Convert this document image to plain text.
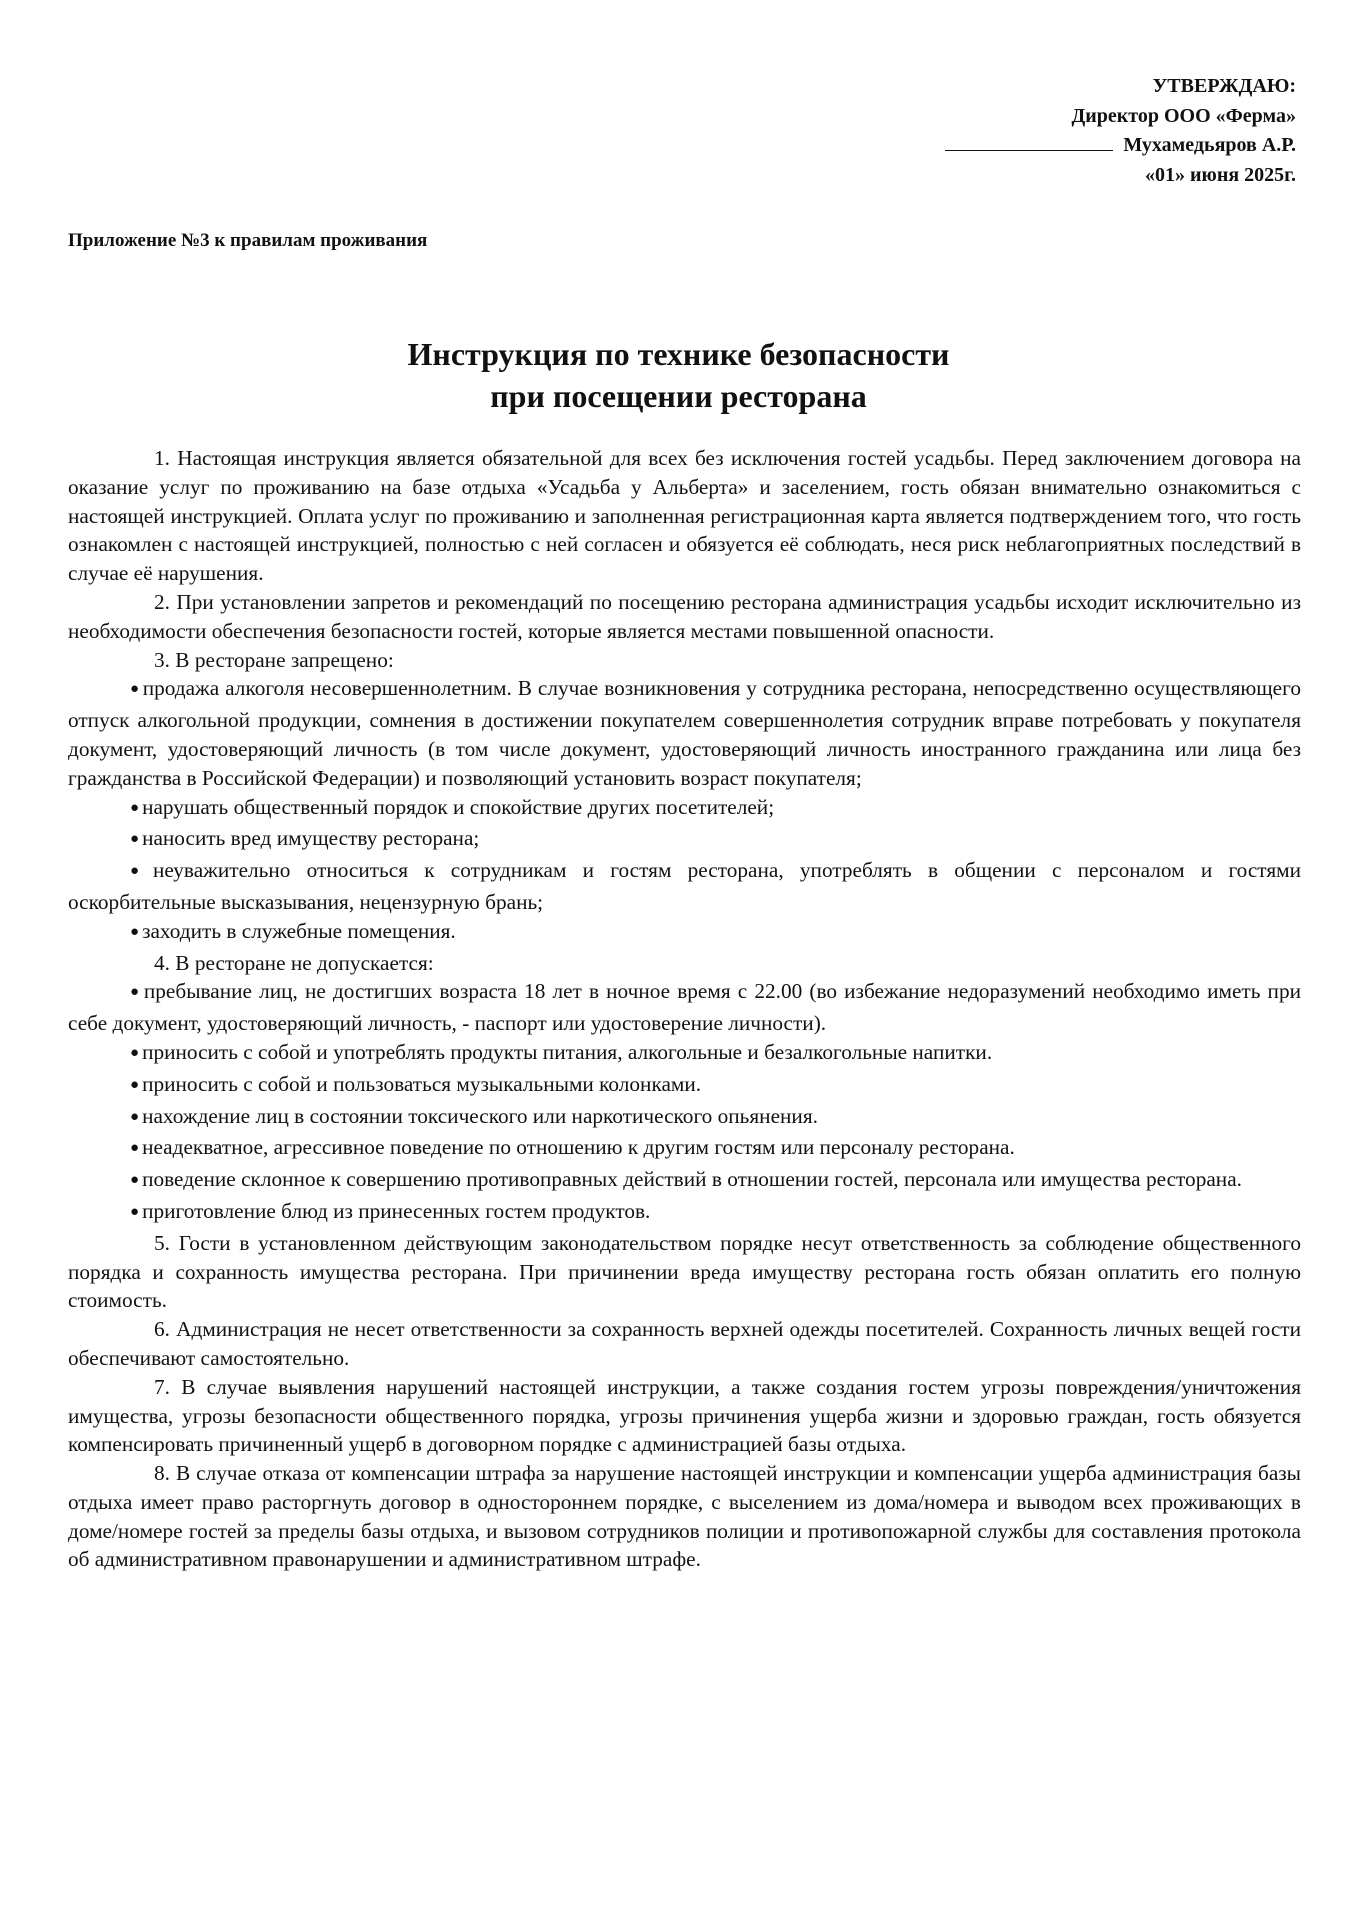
УТВЕРЖДАЮ:
Директор ООО «Ферма»
Мухамедьяров А.Р.
«01» июня 2025г.
Приложение №3 к правилам проживания
Инструкция по технике безопасности
при посещении ресторана

1. Настоящая инструкция является обязательной для всех без исключения гостей усадьбы. Перед заключением договора на оказание услуг по проживанию на базе отдыха «Усадьба у Альберта» и заселением, гость обязан внимательно ознакомиться с настоящей инструкцией. Оплата услуг по проживанию и заполненная регистрационная карта является подтверждением того, что гость ознакомлен с настоящей инструкцией, полностью с ней согласен и обязуется её соблюдать, неся риск неблагоприятных последствий в случае её нарушения.

2. При установлении запретов и рекомендаций по посещению ресторана администрация усадьбы исходит исключительно из необходимости обеспечения безопасности гостей, которые является местами повышенной опасности.

3. В ресторане запрещено:

● продажа алкоголя несовершеннолетним. В случае возникновения у сотрудника ресторана, непосредственно осуществляющего отпуск алкогольной продукции, сомнения в достижении покупателем совершеннолетия сотрудник вправе потребовать у покупателя документ, удостоверяющий личность (в том числе документ, удостоверяющий личность иностранного гражданина или лица без гражданства в Российской Федерации) и позволяющий установить возраст покупателя;

● нарушать общественный порядок и спокойствие других посетителей;

● наносить вред имуществу ресторана;

● неуважительно относиться к сотрудникам и гостям ресторана, употреблять в общении с персоналом и гостями оскорбительные высказывания, нецензурную брань;

● заходить в служебные помещения.

4. В ресторане не допускается:

● пребывание лиц, не достигших возраста 18 лет в ночное время с 22.00 (во избежание недоразумений необходимо иметь при себе документ, удостоверяющий личность, - паспорт или удостоверение личности).

● приносить с собой и употреблять продукты питания, алкогольные и безалкогольные напитки.

● приносить с собой и пользоваться музыкальными колонками.

● нахождение лиц в состоянии токсического или наркотического опьянения.

● неадекватное, агрессивное поведение по отношению к другим гостям или персоналу ресторана.

● поведение склонное к совершению противоправных действий в отношении гостей, персонала или имущества ресторана.

● приготовление блюд из принесенных гостем продуктов.

5. Гости в установленном действующим законодательством порядке несут ответственность за соблюдение общественного порядка и сохранность имущества ресторана. При причинении вреда имуществу ресторана гость обязан оплатить его полную стоимость.

6. Администрация не несет ответственности за сохранность верхней одежды посетителей. Сохранность личных вещей гости обеспечивают самостоятельно.

7. В случае выявления нарушений настоящей инструкции, а также создания гостем угрозы повреждения/уничтожения имущества, угрозы безопасности общественного порядка, угрозы причинения ущерба жизни и здоровью граждан, гость обязуется компенсировать причиненный ущерб в договорном порядке с администрацией базы отдыха.

8. В случае отказа от компенсации штрафа за нарушение настоящей инструкции и компенсации ущерба администрация базы отдыха имеет право расторгнуть договор в одностороннем порядке, с выселением из дома/номера и выводом всех проживающих в доме/номере гостей за пределы базы отдыха, и вызовом сотрудников полиции и противопожарной службы для составления протокола об административном правонарушении и административном штрафе.
